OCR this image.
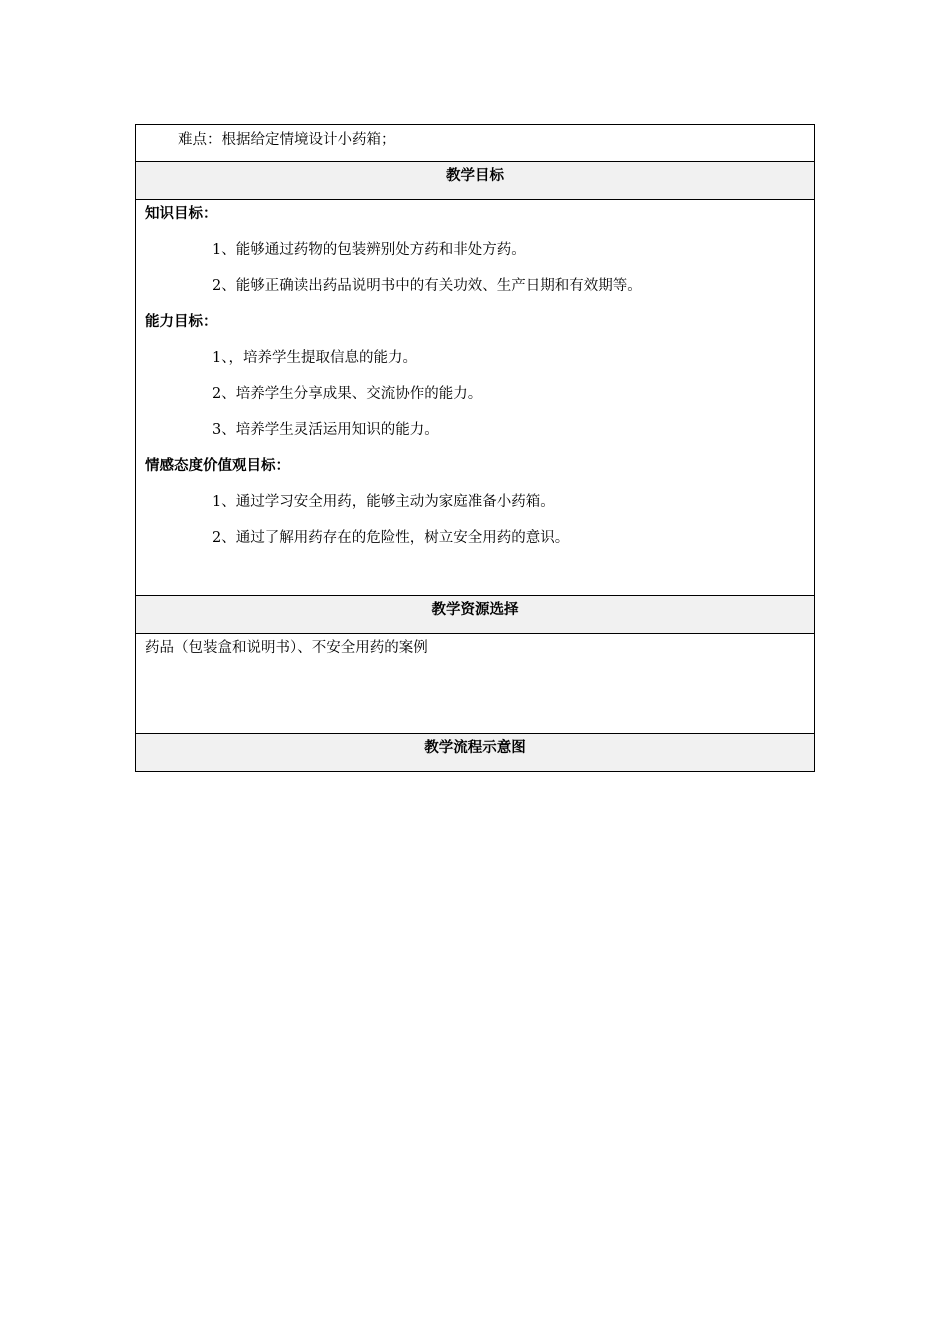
难点：根据给定情境设计小药箱；

教学目标

知识目标：
1、能够通过药物的包装辨别处方药和非处方药。
2、能够正确读出药品说明书中的有关功效、生产日期和有效期等。
能力目标：
1、，培养学生提取信息的能力。
2、培养学生分享成果、交流协作的能力。
3、培养学生灵活运用知识的能力。
情感态度价值观目标：
1、通过学习安全用药，能够主动为家庭准备小药箱。
2、通过了解用药存在的危险性，树立安全用药的意识。

教学资源选择

药品（包装盒和说明书）、不安全用药的案例

教学流程示意图
